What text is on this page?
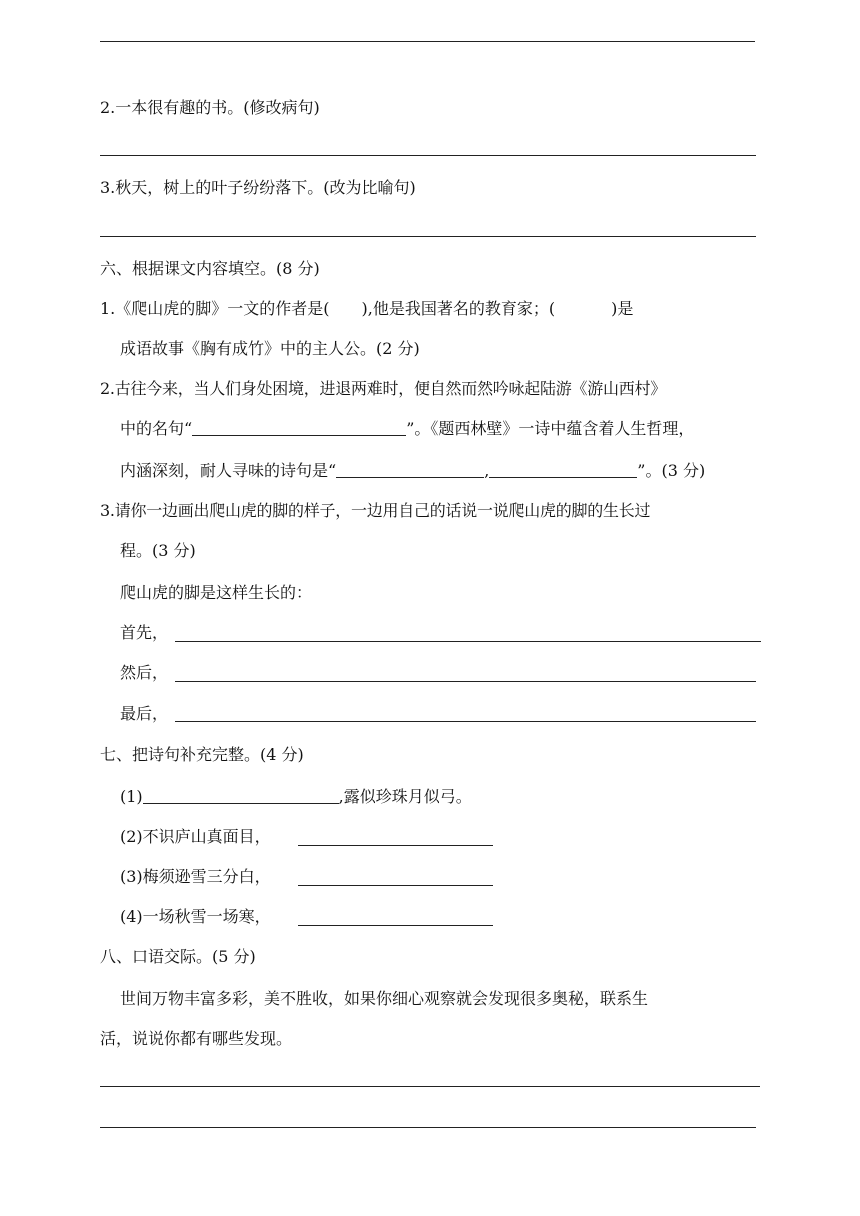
2.一本很有趣的书。(修改病句)
3.秋天，树上的叶子纷纷落下。(改为比喻句)
六、根据课文内容填空。(8 分)
1.《爬山虎的脚》一文的作者是( ),他是我国著名的教育家；(	)是
成语故事《胸有成竹》中的主人公。(2 分)
2.古往今来，当人们身处困境，进退两难时，便自然而然吟咏起陆游《游山西村》
中的名句“	”。《题西林壁》一诗中蕴含着人生哲理，
内涵深刻，耐人寻味的诗句是“	,	”。(3 分)
3.请你一边画出爬山虎的脚的样子，一边用自己的话说一说爬山虎的脚的生长过
程。(3 分)
爬山虎的脚是这样生长的：
首先，
然后，
最后，
七、把诗句补充完整。(4 分)
(1)	,露似珍珠月似弓。
(2)不识庐山真面目，
(3)梅须逊雪三分白，
(4)一场秋雪一场寒，
八、口语交际。(5 分)
世间万物丰富多彩，美不胜收，如果你细心观察就会发现很多奥秘，联系生
活，说说你都有哪些发现。
